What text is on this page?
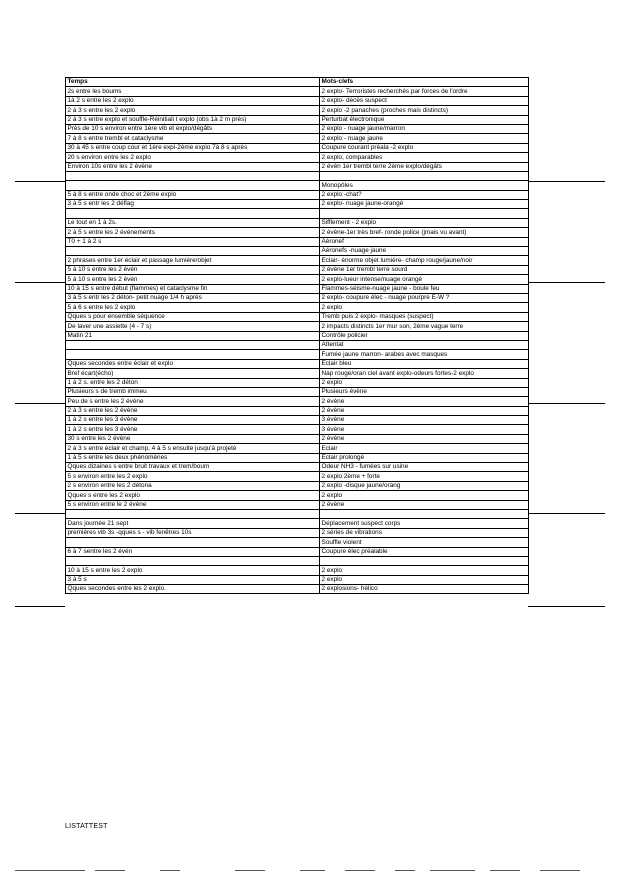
Temps	Mots-clefs
2s entre les boums	2 explo- Terroristes recherchés par forces de l'ordre
1à 2 s entre les 2 explo	2 explo- décès suspect
2 à 3 s entre les 2 explo	2 explo -2 panaches (proches mais distincts)
2 à 3 s entre explo et souffle-Réinitiali t explo (obs 1à 2 m près)	Perturbat électronique
Près de 10 s environ entre 1ère vib et explo/dégâts	2 explo - nuage jaune/marron
7 à 8 s entre trembl et cataclysme	2 explo - nuage jaune
30 à 45 s entre coup cour et 1ère expl-2ème explo 7à 8 s après	Coupure courant préala -2 explo
20 s environ entre les 2 explo	2 explo, comparables
Environ 10s entre les 2 évène	2 évén 1er trembl terre 2ème explo/dégâts

	Monopôles
5 à 8 s entre onde choc et 2ème explo	2 explo -chat?
3 à 5 s entr les 2 déflag	2 explo- nuage jaune-orangé

Le tout en 1 à 2s.	Sifflement - 2 explo
2 à 5 s entre les 2 événements	2 évène-1er très bref- ronde police (jmais vu avant)
T0 + 1 à 2 s	Aéronef
	Aéronefs -nuage jaune
2 phrases entre 1er éclair et passage lumière/objet	Eclair- énorme objet lumière- champ rouge/jaune/noir
5 à 10 s entre les 2 évén	2 évène 1er trembl terre sourd
5 à 10 s entre les 2 évén	2 explo-lueur intense/nuage orangé
10 à 15 s entre début (flammes) et cataclysme fin	Flammes-séisme-nuage jaune - boule feu
3 à 5 s entr les 2 déton- petit nuage 1/4 h après	2 explo- coupure élec - nuage pourpre E-W ?
5 à 6 s entre les 2 explo	2 explo
Qques s pour ensemble séquence	Tremb puis 2 explo- masques (suspect)
De laver une assiette (4 - 7 s)	2 impacts distincts 1er mur son, 2ème vague terre
Matin 21	Contrôle policier
	Attentat
	Fumée jaune marron- arabes avec masques
Qques secondes entre éclair et explo	Eclair bleu
Bref écart(écho)	Nap rouge/oran ciel avant explo-odeurs fortes-2 explo
1 à 2 s. entre les 2 déton	2 explo
Plusieurs s de tremb immeu	Plusieurs évène
Peu de s entre les 2 évène	2 évène
2 à 3 s entre les 2 évène	2 évène
1 à 2 s entre les 3 évène	3 évène
1 à 2 s entre les 3 évène	3 évène
30 s entre les 2 évène	2 évène
2 à 3 s entre éclair et champ, 4 à 5 s ensuite jusqu'à projeté	Eclair
1 à 5 s entre les deux phénomènes	Eclair prolongé
Qques dizaines s entre bruit travaux et trem/boum	Odeur NH3 - fumées sur usine
5 s environ entre les 2 explo	2 explo 2ème + forte
2 s environ entre les 2 détona	2 explo -disque jaune/orang
Qques s entre les 2 explo	2 explo
5 s environ entre le 2 évène	2 évène

Dans journée 21 sept	Déplacement suspect corps
premières vib 3s -qques s - vib fenêtres 10s	2 séries de vibrations
	Souffle violent
6 à 7 sentre les 2 évén	Coupure élec préalable

10 à 15 s entre les 2 explo	2 explo
3 à 5 s	2 explo
Qques secondes entre les 2 explo.	2 explosions- hélico
LISTATTEST
